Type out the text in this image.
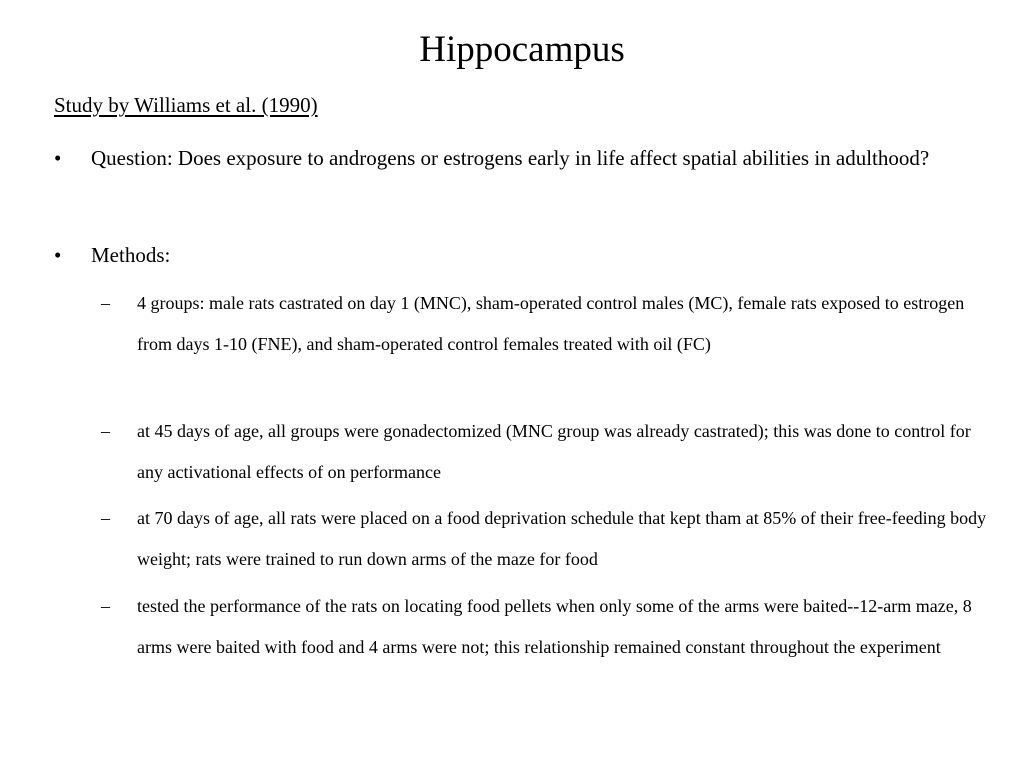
Hippocampus
Study by Williams et al. (1990)
•	Question: Does exposure to androgens or estrogens early in life affect spatial abilities in adulthood?
•	Methods:
– 4 groups: male rats castrated on day 1 (MNC), sham-operated control males (MC), female rats exposed to estrogen from days 1-10 (FNE), and sham-operated control females treated with oil (FC)
– at 45 days of age, all groups were gonadectomized (MNC group was already castrated); this was done to control for any activational effects of on performance
– at 70 days of age, all rats were placed on a food deprivation schedule that kept tham at 85% of their free-feeding body weight; rats were trained to run down arms of the maze for food
– tested the performance of the rats on locating food pellets when only some of the arms were baited--12-arm maze, 8 arms were baited with food and 4 arms were not; this relationship remained constant throughout the experiment
